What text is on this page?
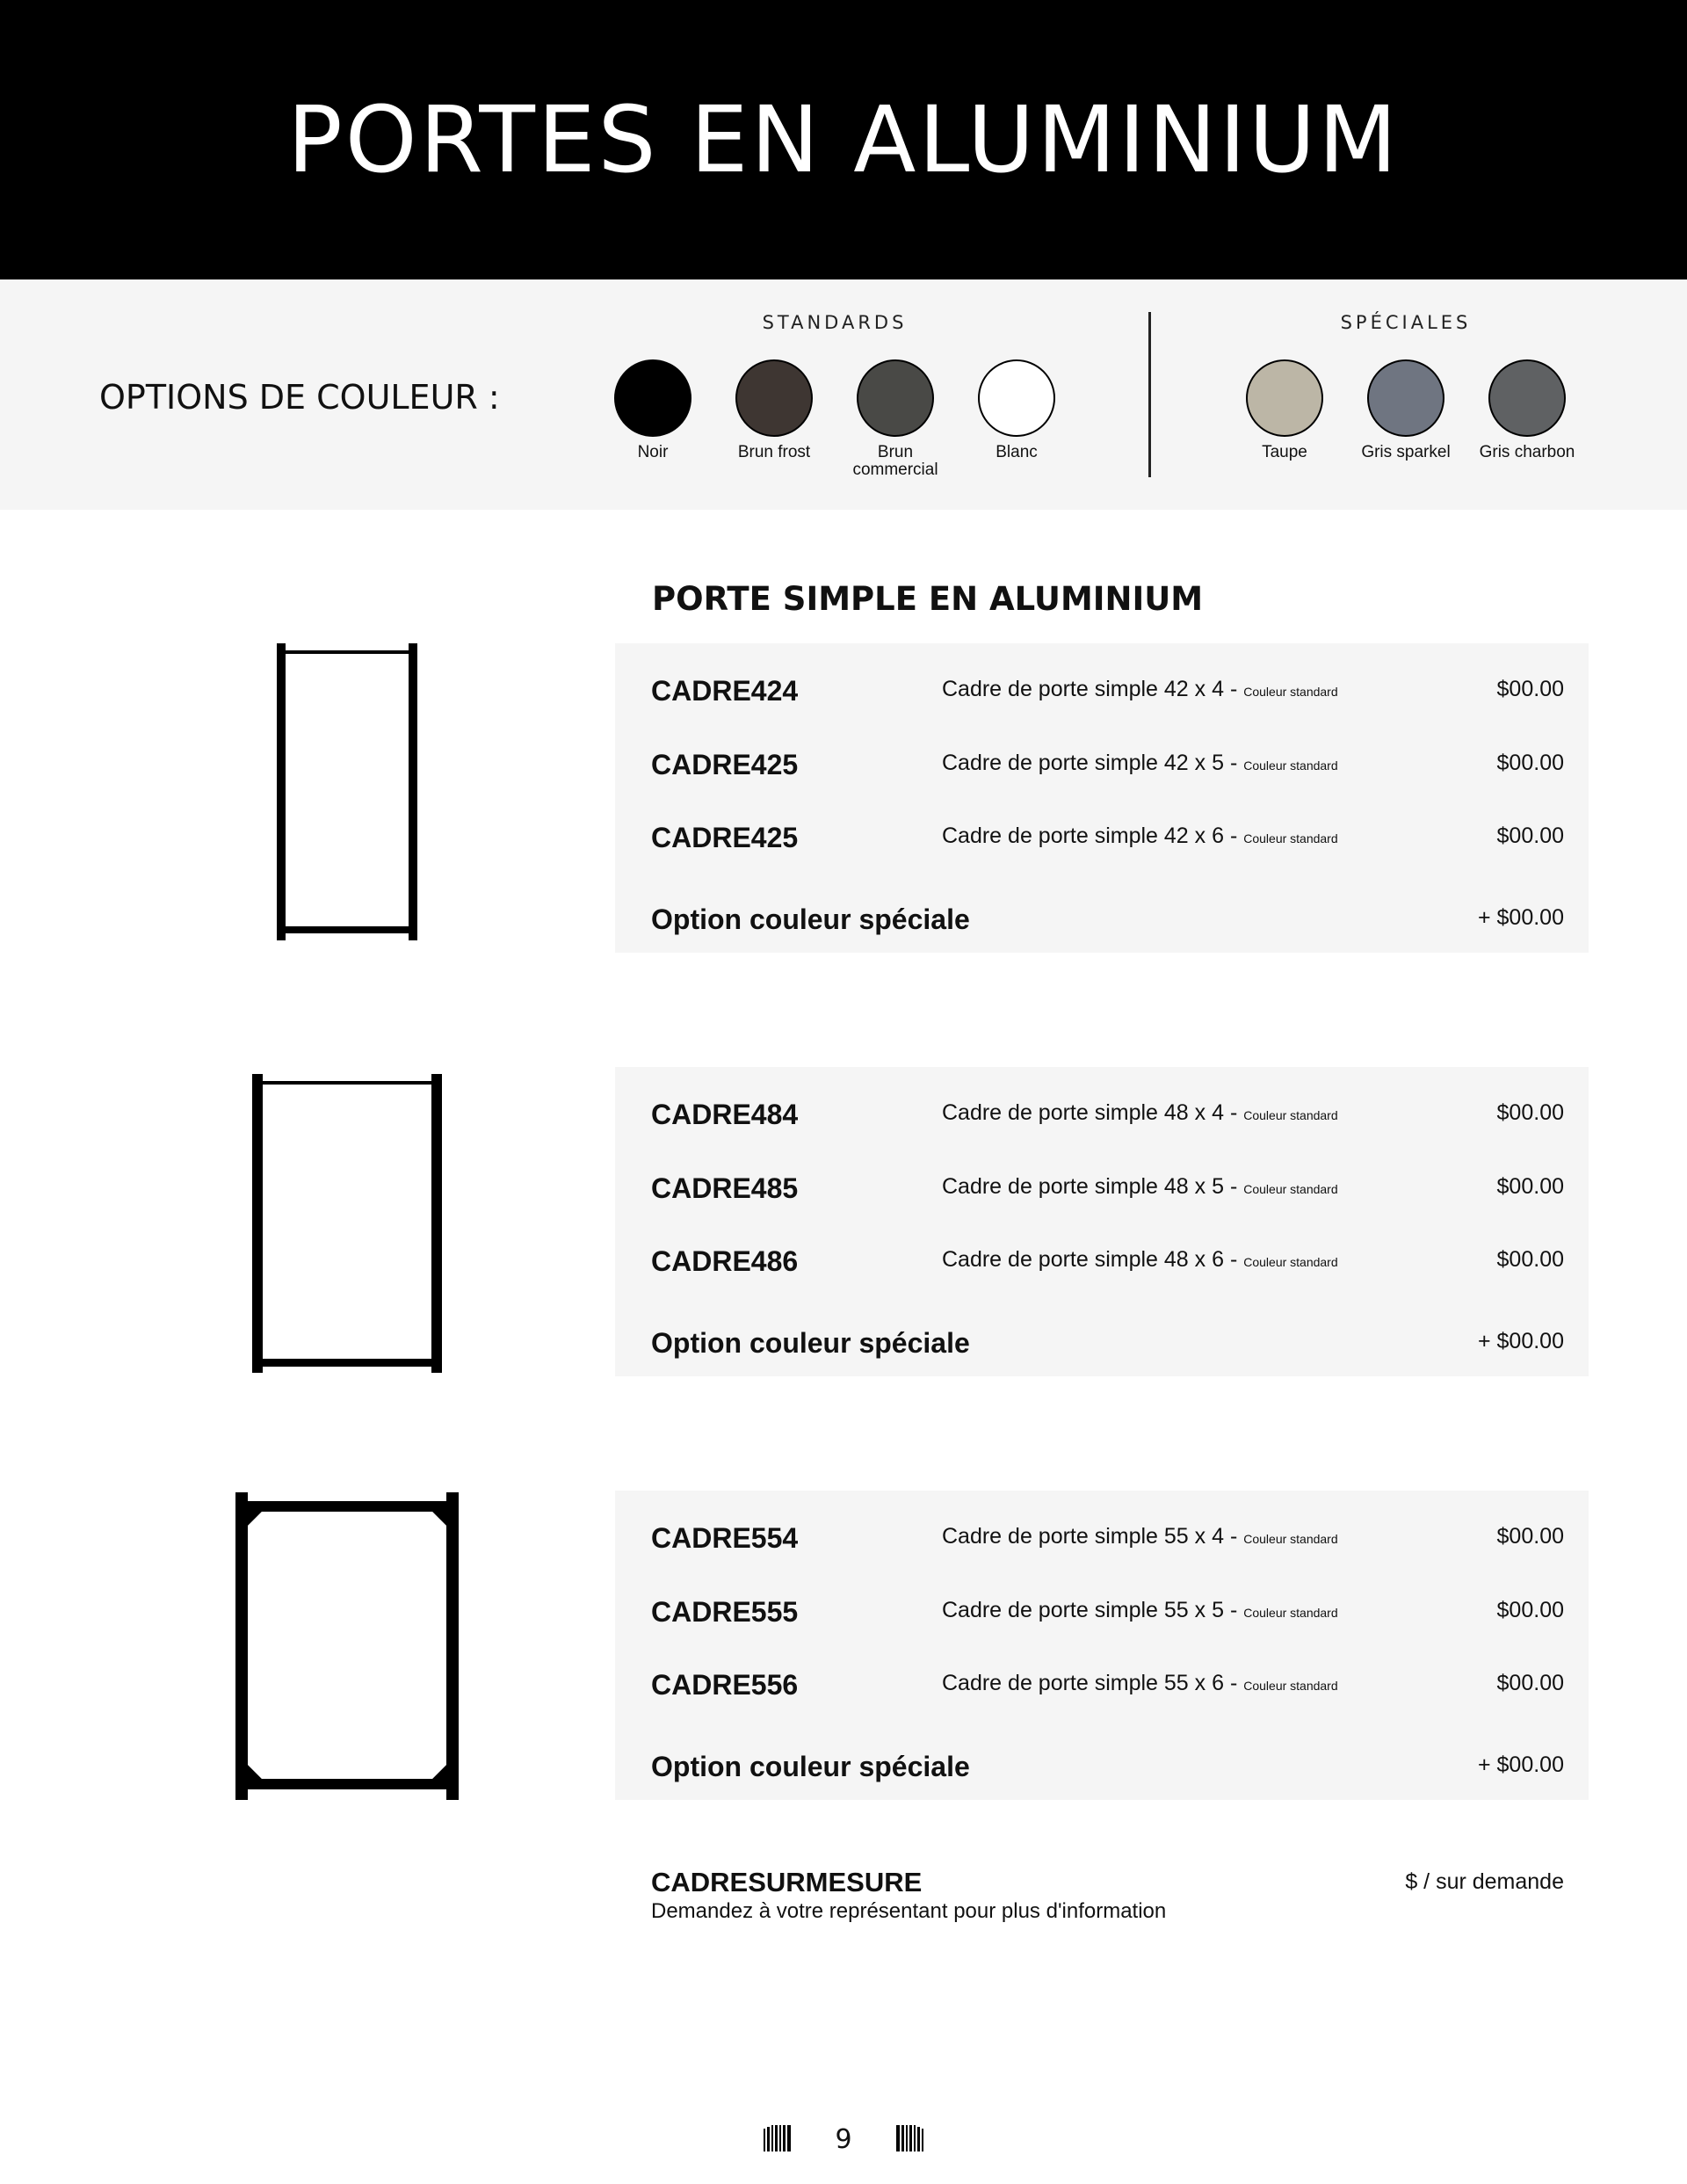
PORTES EN ALUMINIUM
OPTIONS DE COULEUR :
STANDARDS	SPÉCIALES
Noir	Brun frost	Brun
commercial
Blanc	Taupe	Gris sparkel	Gris charbon
PORTE SIMPLE EN ALUMINIUM
CADRE424	Cadre de porte simple 42 x 4 - Couleur standard	$00.00
CADRE425	Cadre de porte simple 42 x 5 - Couleur standard	$00.00
CADRE425	Cadre de porte simple 42 x 6 - Couleur standard	$00.00
Option couleur spéciale	+ $00.00
CADRE484	Cadre de porte simple 48 x 4 - Couleur standard	$00.00
CADRE485	Cadre de porte simple 48 x 5 - Couleur standard	$00.00
CADRE486	Cadre de porte simple 48 x 6 - Couleur standard	$00.00
Option couleur spéciale	+ $00.00
CADRE554	Cadre de porte simple 55 x 4 - Couleur standard	$00.00
CADRE555	Cadre de porte simple 55 x 5 - Couleur standard	$00.00
CADRE556	Cadre de porte simple 55 x 6 - Couleur standard	$00.00
Option couleur spéciale	+ $00.00
CADRESURMESURE
Demandez à votre représentant pour plus d'information
$ / sur demande
9
